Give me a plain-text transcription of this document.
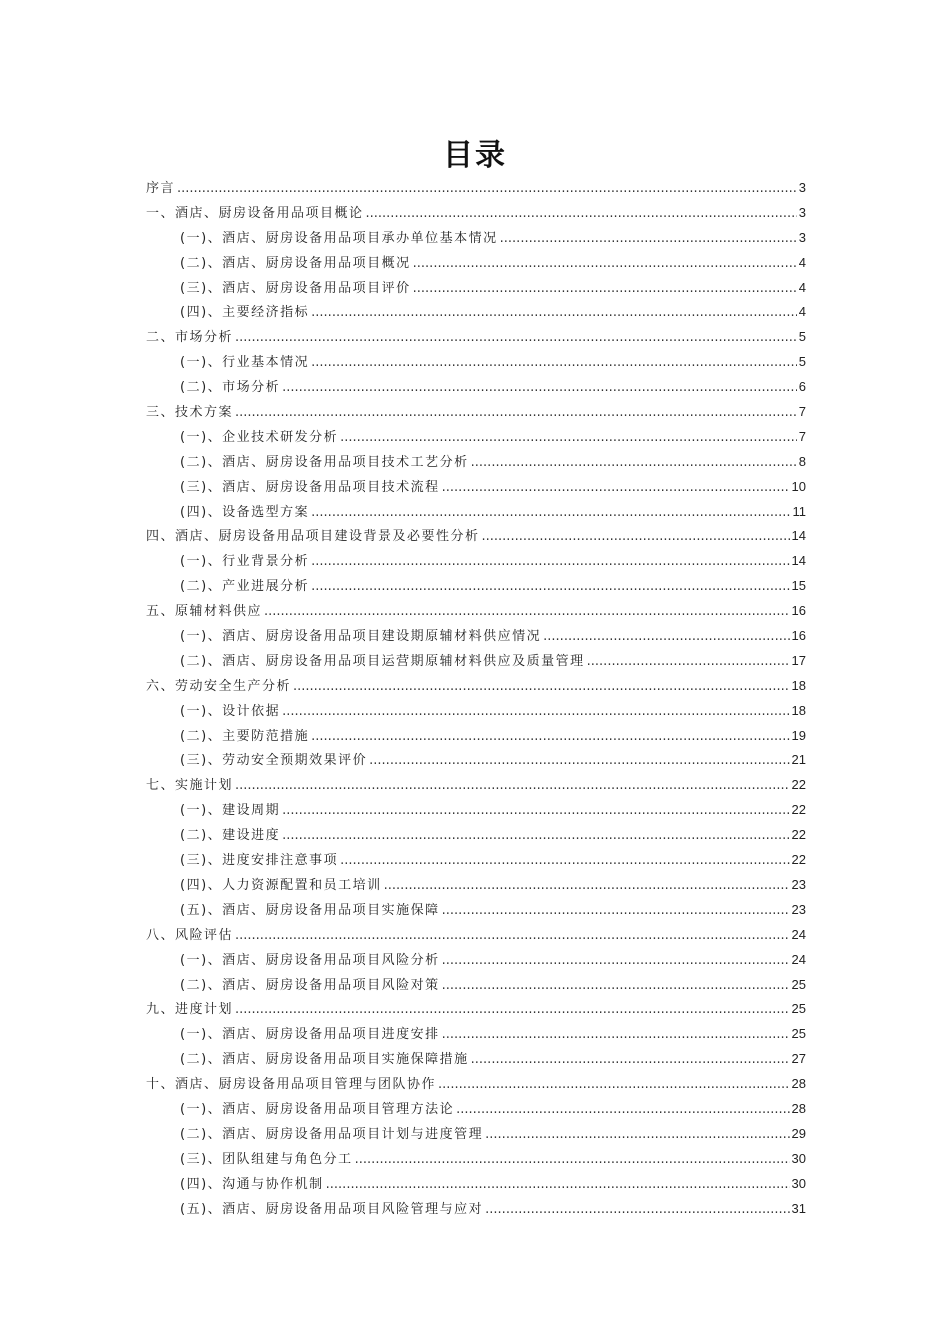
目录
序言 .....	3
一、酒店、厨房设备用品项目概论 .....	3
(一)、酒店、厨房设备用品项目承办单位基本情况 .....	3
(二)、酒店、厨房设备用品项目概况 .....	4
(三)、酒店、厨房设备用品项目评价 .....	4
(四)、主要经济指标 .....	4
二、市场分析 .....	5
(一)、行业基本情况 .....	5
(二)、市场分析 .....	6
三、技术方案 .....	7
(一)、企业技术研发分析 .....	7
(二)、酒店、厨房设备用品项目技术工艺分析 .....	8
(三)、酒店、厨房设备用品项目技术流程 .....	10
(四)、设备选型方案 .....	11
四、酒店、厨房设备用品项目建设背景及必要性分析 .....	14
(一)、行业背景分析 .....	14
(二)、产业进展分析 .....	15
五、原辅材料供应 .....	16
(一)、酒店、厨房设备用品项目建设期原辅材料供应情况 .....	16
(二)、酒店、厨房设备用品项目运营期原辅材料供应及质量管理 .....	17
六、劳动安全生产分析 .....	18
(一)、设计依据 .....	18
(二)、主要防范措施 .....	19
(三)、劳动安全预期效果评价 .....	21
七、实施计划 .....	22
(一)、建设周期 .....	22
(二)、建设进度 .....	22
(三)、进度安排注意事项 .....	22
(四)、人力资源配置和员工培训 .....	23
(五)、酒店、厨房设备用品项目实施保障 .....	23
八、风险评估 .....	24
(一)、酒店、厨房设备用品项目风险分析 .....	24
(二)、酒店、厨房设备用品项目风险对策 .....	25
九、进度计划 .....	25
(一)、酒店、厨房设备用品项目进度安排 .....	25
(二)、酒店、厨房设备用品项目实施保障措施 .....	27
十、酒店、厨房设备用品项目管理与团队协作 .....	28
(一)、酒店、厨房设备用品项目管理方法论 .....	28
(二)、酒店、厨房设备用品项目计划与进度管理 .....	29
(三)、团队组建与角色分工 .....	30
(四)、沟通与协作机制 .....	30
(五)、酒店、厨房设备用品项目风险管理与应对 .....	31
